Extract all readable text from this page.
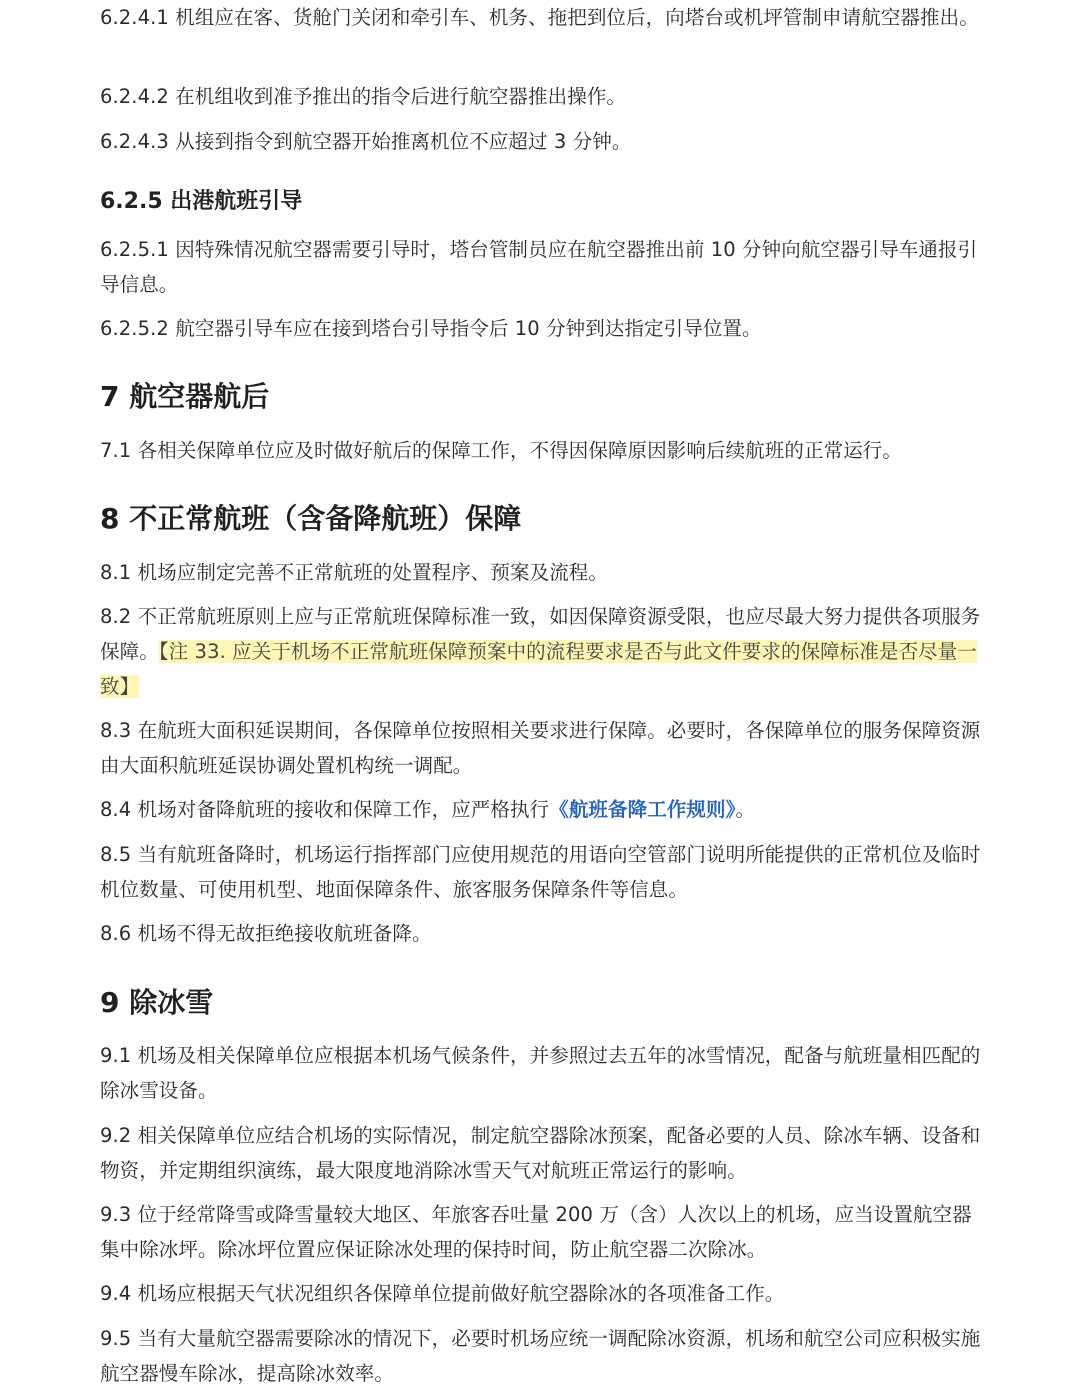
6.2.4.1 机组应在客、货舱门关闭和牵引车、机务、拖把到位后，向塔台或机坪管制申请航空器推出。

6.2.4.2 在机组收到准予推出的指令后进行航空器推出操作。

6.2.4.3 从接到指令到航空器开始推离机位不应超过 3 分钟。

6.2.5 出港航班引导

6.2.5.1 因特殊情况航空器需要引导时，塔台管制员应在航空器推出前 10 分钟向航空器引导车通报引导信息。

6.2.5.2 航空器引导车应在接到塔台引导指令后 10 分钟到达指定引导位置。

7 航空器航后

7.1 各相关保障单位应及时做好航后的保障工作，不得因保障原因影响后续航班的正常运行。

8 不正常航班（含备降航班）保障

8.1 机场应制定完善不正常航班的处置程序、预案及流程。

8.2 不正常航班原则上应与正常航班保障标准一致，如因保障资源受限，也应尽最大努力提供各项服务保障。【注 33. 应关于机场不正常航班保障预案中的流程要求是否与此文件要求的保障标准是否尽量一致】

8.3 在航班大面积延误期间，各保障单位按照相关要求进行保障。必要时，各保障单位的服务保障资源由大面积航班延误协调处置机构统一调配。

8.4 机场对备降航班的接收和保障工作，应严格执行《航班备降工作规则》。

8.5 当有航班备降时，机场运行指挥部门应使用规范的用语向空管部门说明所能提供的正常机位及临时机位数量、可使用机型、地面保障条件、旅客服务保障条件等信息。

8.6 机场不得无故拒绝接收航班备降。

9 除冰雪

9.1 机场及相关保障单位应根据本机场气候条件，并参照过去五年的冰雪情况，配备与航班量相匹配的除冰雪设备。

9.2 相关保障单位应结合机场的实际情况，制定航空器除冰预案，配备必要的人员、除冰车辆、设备和物资，并定期组织演练，最大限度地消除冰雪天气对航班正常运行的影响。

9.3 位于经常降雪或降雪量较大地区、年旅客吞吐量 200 万（含）人次以上的机场，应当设置航空器集中除冰坪。除冰坪位置应保证除冰处理的保持时间，防止航空器二次除冰。

9.4 机场应根据天气状况组织各保障单位提前做好航空器除冰的各项准备工作。

9.5 当有大量航空器需要除冰的情况下，必要时机场应统一调配除冰资源，机场和航空公司应积极实施航空器慢车除冰，提高除冰效率。
